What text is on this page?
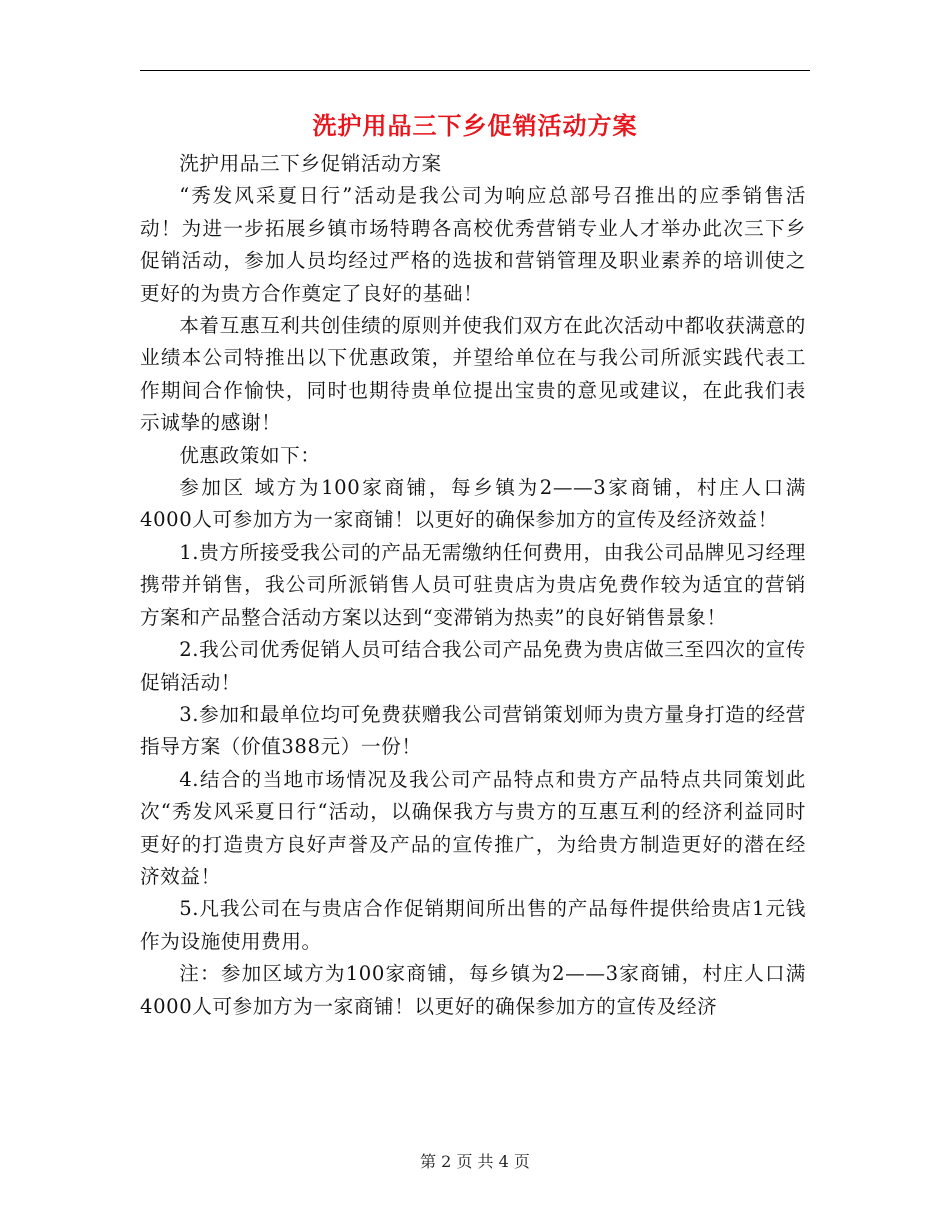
洗护用品三下乡促销活动方案

洗护用品三下乡促销活动方案

“秀发风采夏日行”活动是我公司为响应总部号召推出的应季销售活动！为进一步拓展乡镇市场特聘各高校优秀营销专业人才举办此次三下乡促销活动，参加人员均经过严格的选拔和营销管理及职业素养的培训使之更好的为贵方合作奠定了良好的基础！

本着互惠互利共创佳绩的原则并使我们双方在此次活动中都收获满意的业绩本公司特推出以下优惠政策，并望给单位在与我公司所派实践代表工作期间合作愉快，同时也期待贵单位提出宝贵的意见或建议，在此我们表示诚挚的感谢！

优惠政策如下：

参加区 域方为100家商铺，每乡镇为2——3家商铺，村庄人口满4000人可参加方为一家商铺！以更好的确保参加方的宣传及经济效益！

1.贵方所接受我公司的产品无需缴纳任何费用，由我公司品牌见习经理携带并销售，我公司所派销售人员可驻贵店为贵店免费作较为适宜的营销方案和产品整合活动方案以达到“变滞销为热卖”的良好销售景象！

2.我公司优秀促销人员可结合我公司产品免费为贵店做三至四次的宣传促销活动！

3.参加和最单位均可免费获赠我公司营销策划师为贵方量身打造的经营指导方案（价值388元）一份！

4.结合的当地市场情况及我公司产品特点和贵方产品特点共同策划此次“秀发风采夏日行“活动，以确保我方与贵方的互惠互利的经济利益同时更好的打造贵方良好声誉及产品的宣传推广，为给贵方制造更好的潜在经济效益！

5.凡我公司在与贵店合作促销期间所出售的产品每件提供给贵店1元钱作为设施使用费用。

注：参加区域方为100家商铺，每乡镇为2——3家商铺，村庄人口满4000人可参加方为一家商铺！以更好的确保参加方的宣传及经济

第 2 页 共 4 页
